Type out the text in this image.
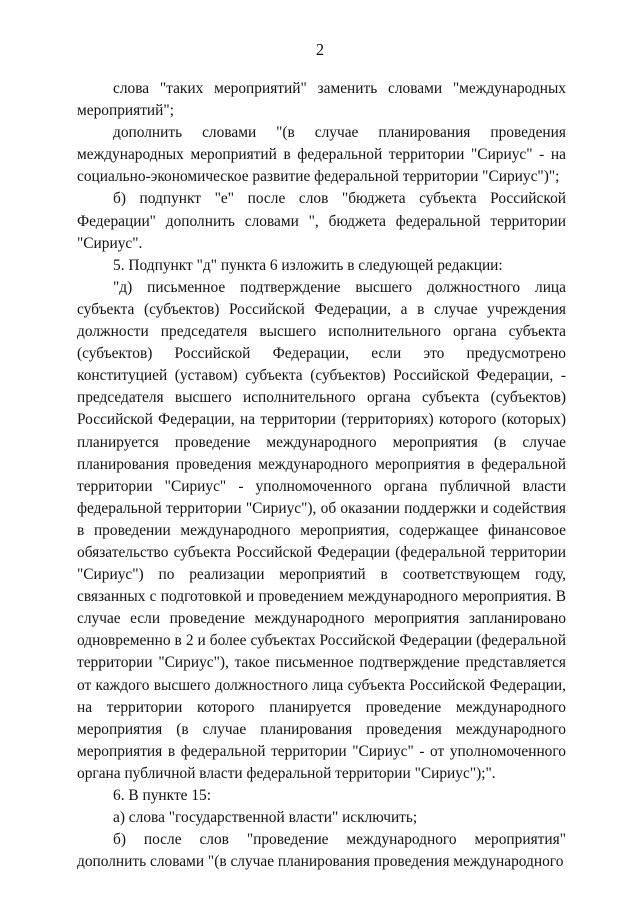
2

слова "таких мероприятий" заменить словами "международных мероприятий";

дополнить словами "(в случае планирования проведения международных мероприятий в федеральной территории "Сириус" - на социально-экономическое развитие федеральной территории "Сириус")";

б) подпункт "е" после слов "бюджета субъекта Российской Федерации" дополнить словами ", бюджета федеральной территории "Сириус".

5. Подпункт "д" пункта 6 изложить в следующей редакции:

"д) письменное подтверждение высшего должностного лица субъекта (субъектов) Российской Федерации, а в случае учреждения должности председателя высшего исполнительного органа субъекта (субъектов) Российской Федерации, если это предусмотрено конституцией (уставом) субъекта (субъектов) Российской Федерации, - председателя высшего исполнительного органа субъекта (субъектов) Российской Федерации, на территории (территориях) которого (которых) планируется проведение международного мероприятия (в случае планирования проведения международного мероприятия в федеральной территории "Сириус" - уполномоченного органа публичной власти федеральной территории "Сириус"), об оказании поддержки и содействия в проведении международного мероприятия, содержащее финансовое обязательство субъекта Российской Федерации (федеральной территории "Сириус") по реализации мероприятий в соответствующем году, связанных с подготовкой и проведением международного мероприятия. В случае если проведение международного мероприятия запланировано одновременно в 2 и более субъектах Российской Федерации (федеральной территории "Сириус"), такое письменное подтверждение представляется от каждого высшего должностного лица субъекта Российской Федерации, на территории которого планируется проведение международного мероприятия (в случае планирования проведения международного мероприятия в федеральной территории "Сириус" - от уполномоченного органа публичной власти федеральной территории "Сириус");".

6. В пункте 15:

а) слова "государственной власти" исключить;

б) после слов "проведение международного мероприятия" дополнить словами "(в случае планирования проведения международного
